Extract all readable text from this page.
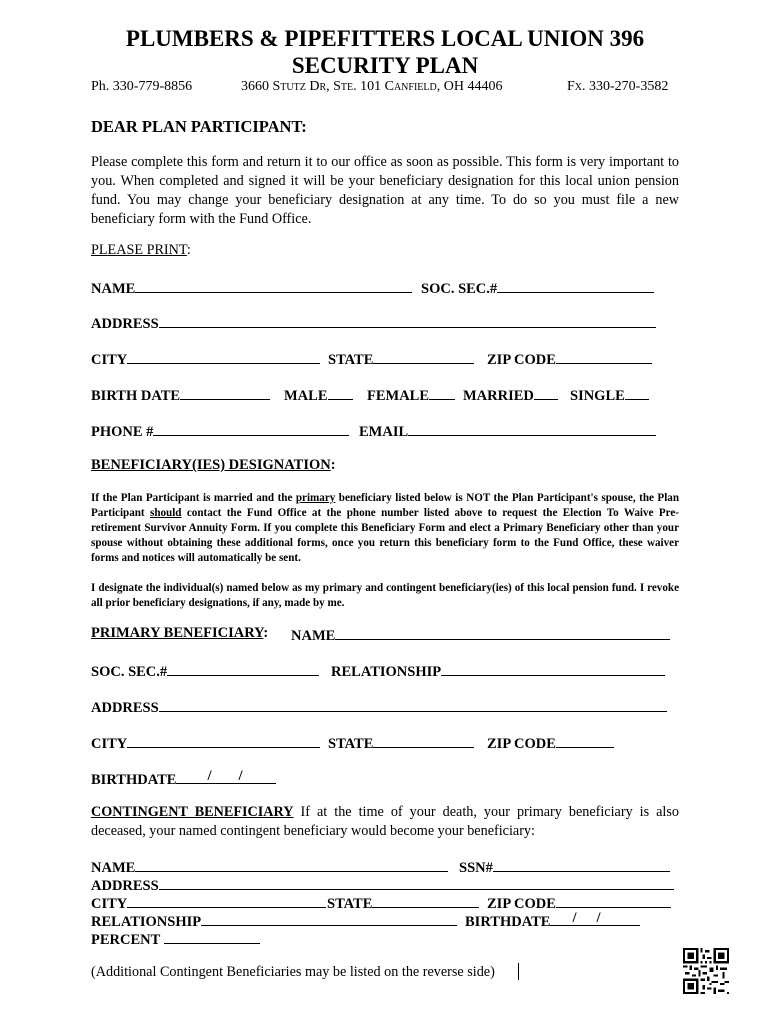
PLUMBERS & PIPEFITTERS LOCAL UNION 396
SECURITY PLAN
Ph. 330-779-8856	3660 Stutz Dr, Ste. 101 Canfield, OH 44406	Fx. 330-270-3582
DEAR PLAN PARTICIPANT:
Please complete this form and return it to our office as soon as possible. This form is very important to you. When completed and signed it will be your beneficiary designation for this local union pension fund. You may change your beneficiary designation at any time. To do so you must file a new beneficiary form with the Fund Office.
PLEASE PRINT:
NAME	SOC. SEC.#
ADDRESS
CITY	STATE	ZIP CODE
BIRTH DATE	MALE	FEMALE	MARRIED	SINGLE
PHONE #	EMAIL
BENEFICIARY(IES) DESIGNATION:
If the Plan Participant is married and the primary beneficiary listed below is NOT the Plan Participant's spouse, the Plan Participant should contact the Fund Office at the phone number listed above to request the Election To Waive Pre-retirement Survivor Annuity Form. If you complete this Beneficiary Form and elect a Primary Beneficiary other than your spouse without obtaining these additional forms, once you return this beneficiary form to the Fund Office, these waiver forms and notices will automatically be sent.
I designate the individual(s) named below as my primary and contingent beneficiary(ies) of this local pension fund. I revoke all prior beneficiary designations, if any, made by me.
PRIMARY BENEFICIARY: NAME
SOC. SEC.#	RELATIONSHIP
ADDRESS
CITY	STATE	ZIP CODE
BIRTHDATE / /
CONTINGENT BENEFICIARY If at the time of your death, your primary beneficiary is also deceased, your named contingent beneficiary would become your beneficiary:
NAME	SSN#
ADDRESS
CITY	STATE	ZIP CODE
RELATIONSHIP	BIRTHDATE / /
PERCENT
(Additional Contingent Beneficiaries may be listed on the reverse side)
